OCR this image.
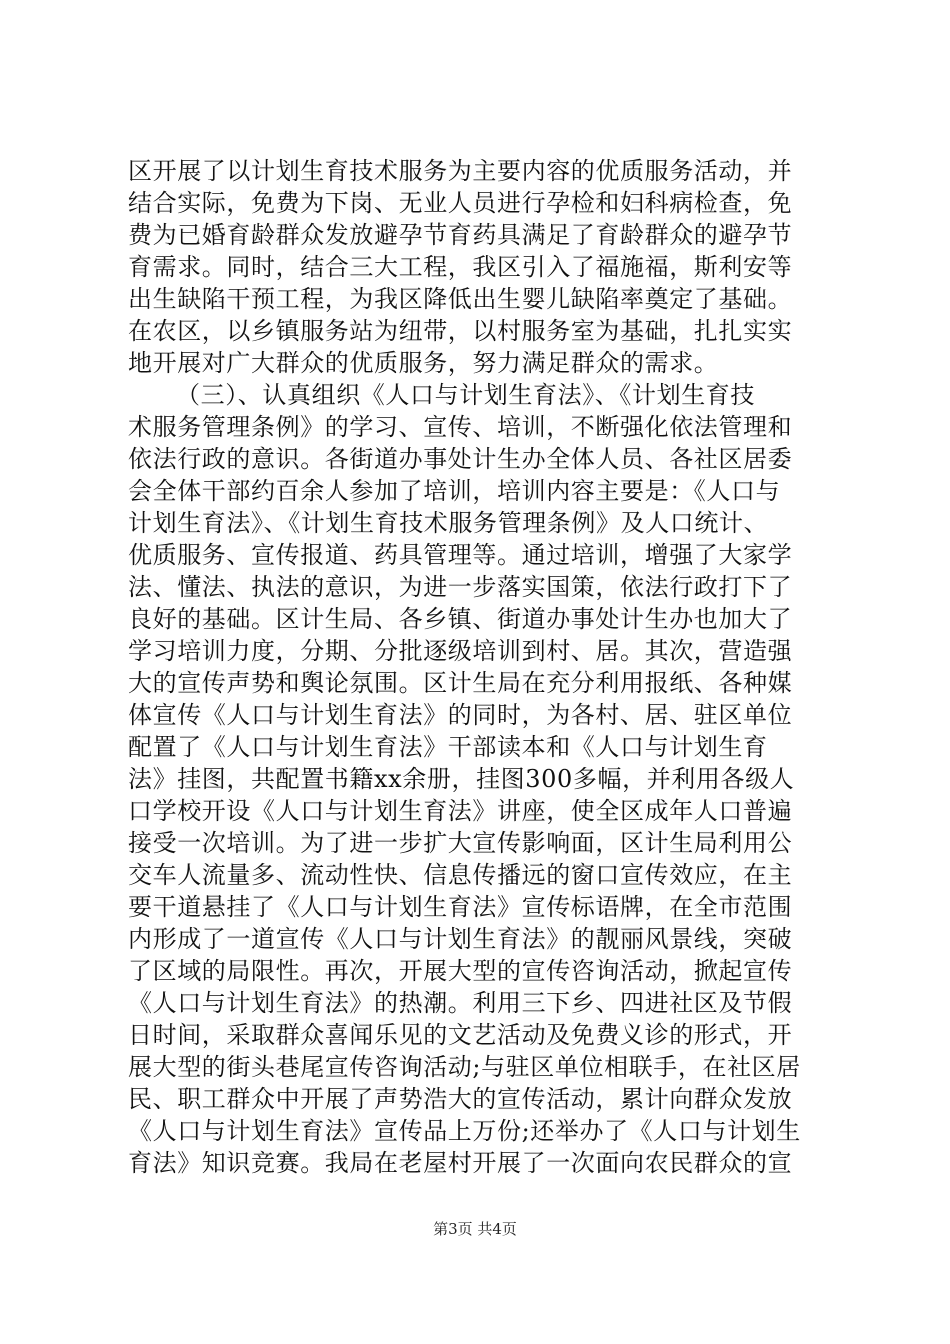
区开展了以计划生育技术服务为主要内容的优质服务活动，并
结合实际，免费为下岗、无业人员进行孕检和妇科病检查，免
费为已婚育龄群众发放避孕节育药具满足了育龄群众的避孕节
育需求。同时，结合三大工程，我区引入了福施福，斯利安等
出生缺陷干预工程，为我区降低出生婴儿缺陷率奠定了基础。
在农区，以乡镇服务站为纽带，以村服务室为基础，扎扎实实
地开展对广大群众的优质服务，努力满足群众的需求。
（三）、认真组织《人口与计划生育法》、《计划生育技
术服务管理条例》的学习、宣传、培训，不断强化依法管理和
依法行政的意识。各街道办事处计生办全体人员、各社区居委
会全体干部约百余人参加了培训，培训内容主要是：《人口与
计划生育法》、《计划生育技术服务管理条例》及人口统计、
优质服务、宣传报道、药具管理等。通过培训，增强了大家学
法、懂法、执法的意识，为进一步落实国策，依法行政打下了
良好的基础。区计生局、各乡镇、街道办事处计生办也加大了
学习培训力度，分期、分批逐级培训到村、居。其次，营造强
大的宣传声势和舆论氛围。区计生局在充分利用报纸、各种媒
体宣传《人口与计划生育法》的同时，为各村、居、驻区单位
配置了《人口与计划生育法》干部读本和《人口与计划生育
法》挂图，共配置书籍xx余册，挂图300多幅，并利用各级人
口学校开设《人口与计划生育法》讲座，使全区成年人口普遍
接受一次培训。为了进一步扩大宣传影响面，区计生局利用公
交车人流量多、流动性快、信息传播远的窗口宣传效应，在主
要干道悬挂了《人口与计划生育法》宣传标语牌，在全市范围
内形成了一道宣传《人口与计划生育法》的靓丽风景线，突破
了区域的局限性。再次，开展大型的宣传咨询活动，掀起宣传
《人口与计划生育法》的热潮。利用三下乡、四进社区及节假
日时间，采取群众喜闻乐见的文艺活动及免费义诊的形式，开
展大型的街头巷尾宣传咨询活动;与驻区单位相联手，在社区居
民、职工群众中开展了声势浩大的宣传活动，累计向群众发放
《人口与计划生育法》宣传品上万份;还举办了《人口与计划生
育法》知识竞赛。我局在老屋村开展了一次面向农民群众的宣
第3页 共4页
